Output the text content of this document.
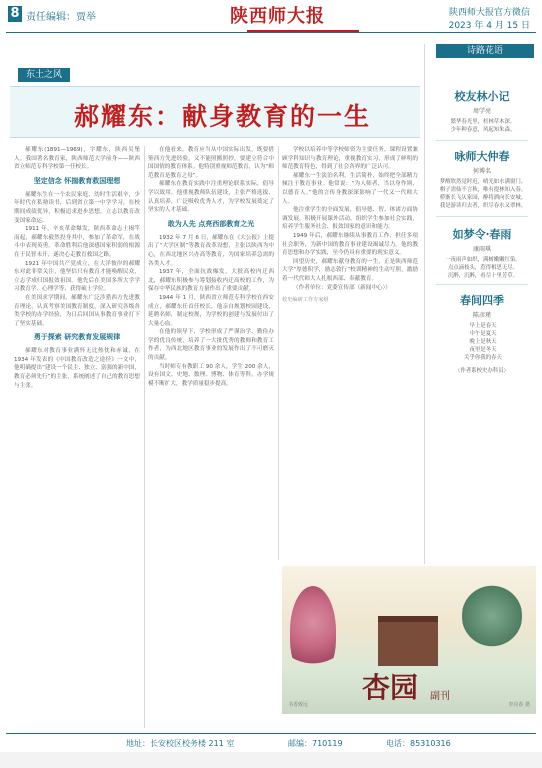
8 责任编辑：贾举	陕西师大报	陕西师大报官方微信
2023 年 4 月 15 日
东土之风
诗路花语
郝耀东：献身教育的一生

郝耀东(1891—1969)，字耀东，陕西吴堡人。我国著名教育家，陕西师范大学前身——陕西省立师范专科学校第一任校长。

坚定信念 怀揣教育救国理想

郝耀东生在一个农民家庭，幼时生活艰辛，少年时代在私塾读书，后到省立第一中学学习。在校期间成绩优异，积极追求进步思想，立志以教育改变国家命运。

1911 年，辛亥革命爆发，陕西革命志士揭竿而起，郝耀东毅然投身其中，参加了革命军，在战斗中表现英勇。革命胜利后他深感国家积弱的根源在于民智未开，遂决心走教育救国之路。

1921 年中国共产党成立，在大洋彼岸的郝耀东对此非常关注，他坚信只有教育才能唤醒民众，立志学成归国报效祖国。他先后在美国多所大学学习教育学、心理学等，获得硕士学位。

在美国求学期间，郝耀东广泛涉猎西方先进教育理论，认真考察美国教育制度，深入研究各级各类学校的办学经验，为日后回国从事教育事业打下了坚实基础。

勇于探索 研究教育发展规律

郝耀东对教育事业满怀无比热忱和赤诚，在 1934 年发表的《中国教育改造之途径》一文中，他明确提出“建设一个民主、独立、富强的新中国，教育必须先行”的主张，系统阐述了自己的教育思想与主张。

在他看来，教育应当从中国实际出发，既要借鉴西方先进经验，又不能照搬照抄，要建立符合中国国情的教育体系。他特别重视师范教育，认为“师范教育是教育之母”。

郝耀东在教育实践中注重理论联系实际，倡导学以致用。他重视教师队伍建设，主张严格选拔、认真培养，广泛吸收优秀人才，为学校发展奠定了坚实的人才基础。

敢为人先 点亮西部教育之光

1932 年 7 月 6 日，郝耀东在《大公报》上提出了“大学区制”等教育改革设想，主张以陕西为中心，在西北地区兴办高等教育，为国家培养急需的各类人才。

1937 年，全面抗战爆发，大批高校内迁西北，郝耀东积极参与筹划接收内迁高校的工作，为保存中华民族的教育力量作出了重要贡献。

1944 年 1 月，陕西省立师范专科学校在西安成立，郝耀东任首任校长。他亲自规划校园建设，延聘名师，制定校规，为学校的创建与发展付出了大量心血。

在他的领导下，学校形成了严谨治学、勤俭办学的优良传统，培养了一大批优秀的教师和教育工作者，为西北地区教育事业的发展作出了不可磨灭的贡献。

当时师专有教职工 90 余人，学生 200 余人，设有国文、史地、数理、博物、体育等科，办学规模不断扩大，教学质量稳步提高。

学校以培养中等学校师资为主要任务，课程设置兼顾学科知识与教育理论，重视教育实习，形成了鲜明的师范教育特色，得到了社会各界的广泛认可。

郝耀东一生淡泊名利，生活简朴，始终把全部精力倾注于教育事业。他常说：“为人师者，当以身作则，以德育人。”他的言传身教深深影响了一代又一代师大人。

他注重学生的全面发展，倡导德、智、体诸方面协调发展，积极开展课外活动，组织学生参加社会实践，培养学生服务社会、报效国家的意识和能力。

1949 年后，郝耀东继续从事教育工作，担任多项社会职务，为新中国的教育事业建设竭诚尽力。他的教育思想和办学实践，至今仍具有重要的现实意义。

回望历史，郝耀东献身教育的一生，正是陕西师范大学“厚德积学，励志敦行”校训精神的生动写照，激励着一代代师大人扎根西部、奉献教育。

（作者单位：党委宣传部（新闻中心））

校史编研工作专家组

校友林小记
周学亮
繁华春光里，杉林草木深。
少年种春意，风起知朱森。
咏师大仲春
何博名
梦醒欣然觉时迟，晴光如水满窗门。
棋子需仙不言秋，唯有提林知入春。
桥渐长飞仄家园，醉将洒向长安城。
我是游读归去者，织尽春水又翠林。
如梦令·春雨
康雨琪
一夜雨声如织，满树嫩嫩红染。
点点滴枝头，惹得相思无尽。
沉醉，沉醉，看尽十里芳草。
春间四季
陈彦瑾
早上是春天
中午是夏天
晚上是秋天
夜里是冬天
关乎你我的春天
（作者系校史办科员）
杏园 副刊
书香致远	李亮春 摄
地址：长安校区校务楼 211 室	邮编：710119	电话：85310316
